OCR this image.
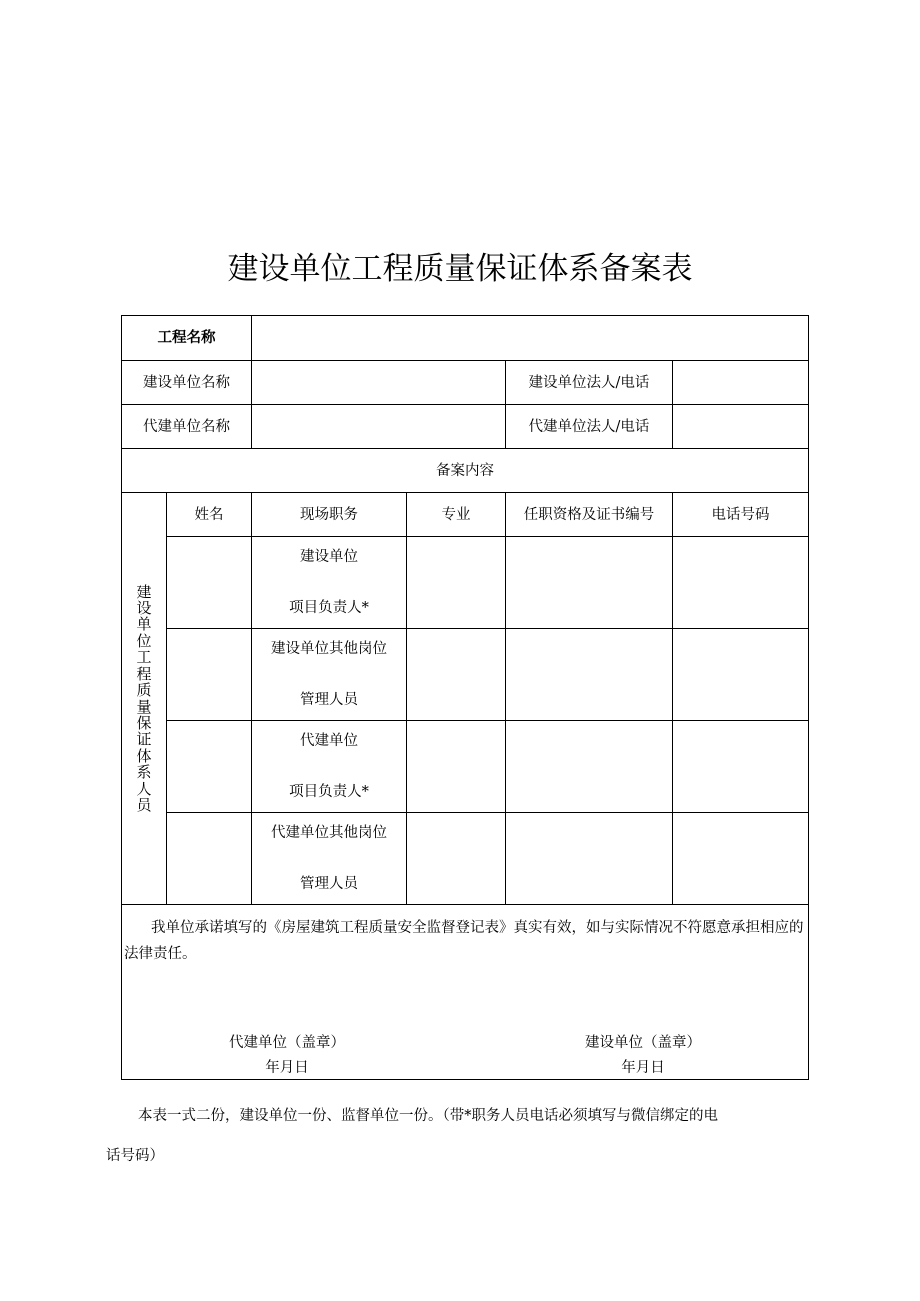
建设单位工程质量保证体系备案表
工程名称					
建设单位名称				建设单位法人/电话	
代建单位名称				代建单位法人/电话	
备案内容					

建设单位工程质量保证体系人员	姓名	现场职务	专业	任职资格及证书编号	电话号码

		建设单位
项目负责人*			

		建设单位其他岗位
管理人员			

		代建单位
项目负责人*			

		代建单位其他岗位
管理人员			

我单位承诺填写的《房屋建筑工程质量安全监督登记表》真实有效，如与实际情况不符愿意承担相应的法律责任。
代建单位（盖章）
年月日
建设单位（盖章）
年月日					
本表一式二份，建设单位一份、监督单位一份。（带*职务人员电话必须填写与微信绑定的电
话号码）
